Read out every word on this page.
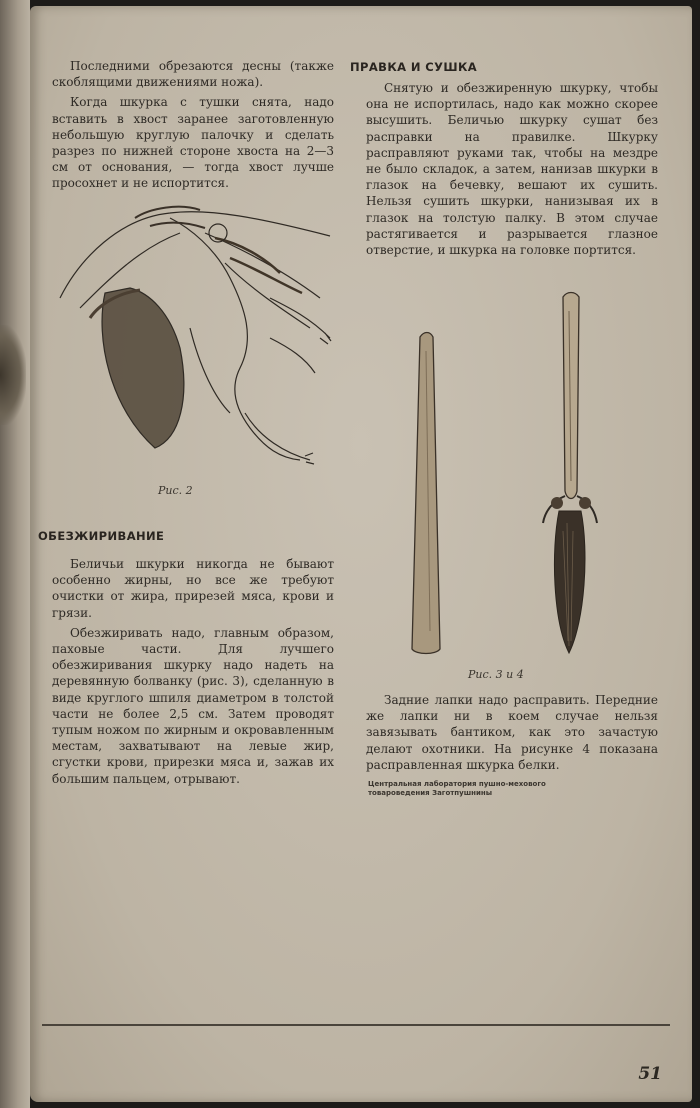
Последними обрезаются десны (также скоблящими движениями ножа).

Когда шкурка с тушки снята, надо вставить в хвост заранее заготовленную небольшую круглую палочку и сделать разрез по нижней стороне хвоста на 2—3 см от основания, — тогда хвост лучше просохнет и не испортится.

Рис. 2
ОБЕЗЖИРИВАНИЕ

Беличьи шкурки никогда не бывают особенно жирны, но все же требуют очистки от жира, прирезей мяса, крови и грязи.

Обезжиривать надо, главным образом, паховые части. Для лучшего обезжиривания шкурку надо надеть на деревянную болванку (рис. 3), сделанную в виде круглого шпиля диаметром в толстой части не более 2,5 см. Затем проводят тупым ножом по жирным и окровавленным местам, захватывают на левые жир, сгустки крови, прирезки мяса и, зажав их большим пальцем, отрывают.

ПРАВКА И СУШКА

Снятую и обезжиренную шкурку, чтобы она не испортилась, надо как можно скорее высушить. Беличью шкурку сушат без расправки на правилке. Шкурку расправляют руками так, чтобы на мездре не было складок, а затем, нанизав шкурки в глазок на бечевку, вешают их сушить. Нельзя сушить шкурки, нанизывая их в глазок на толстую палку. В этом случае растягивается и разрывается глазное отверстие, и шкурка на головке портится.

Рис. 3 и 4

Задние лапки надо расправить. Передние же лапки ни в коем случае нельзя завязывать бантиком, как это зачастую делают охотники. На рисунке 4 показана расправленная шкурка белки.

Центральная лаборатория пушно-мехового
товароведения Заготпушнины
51
